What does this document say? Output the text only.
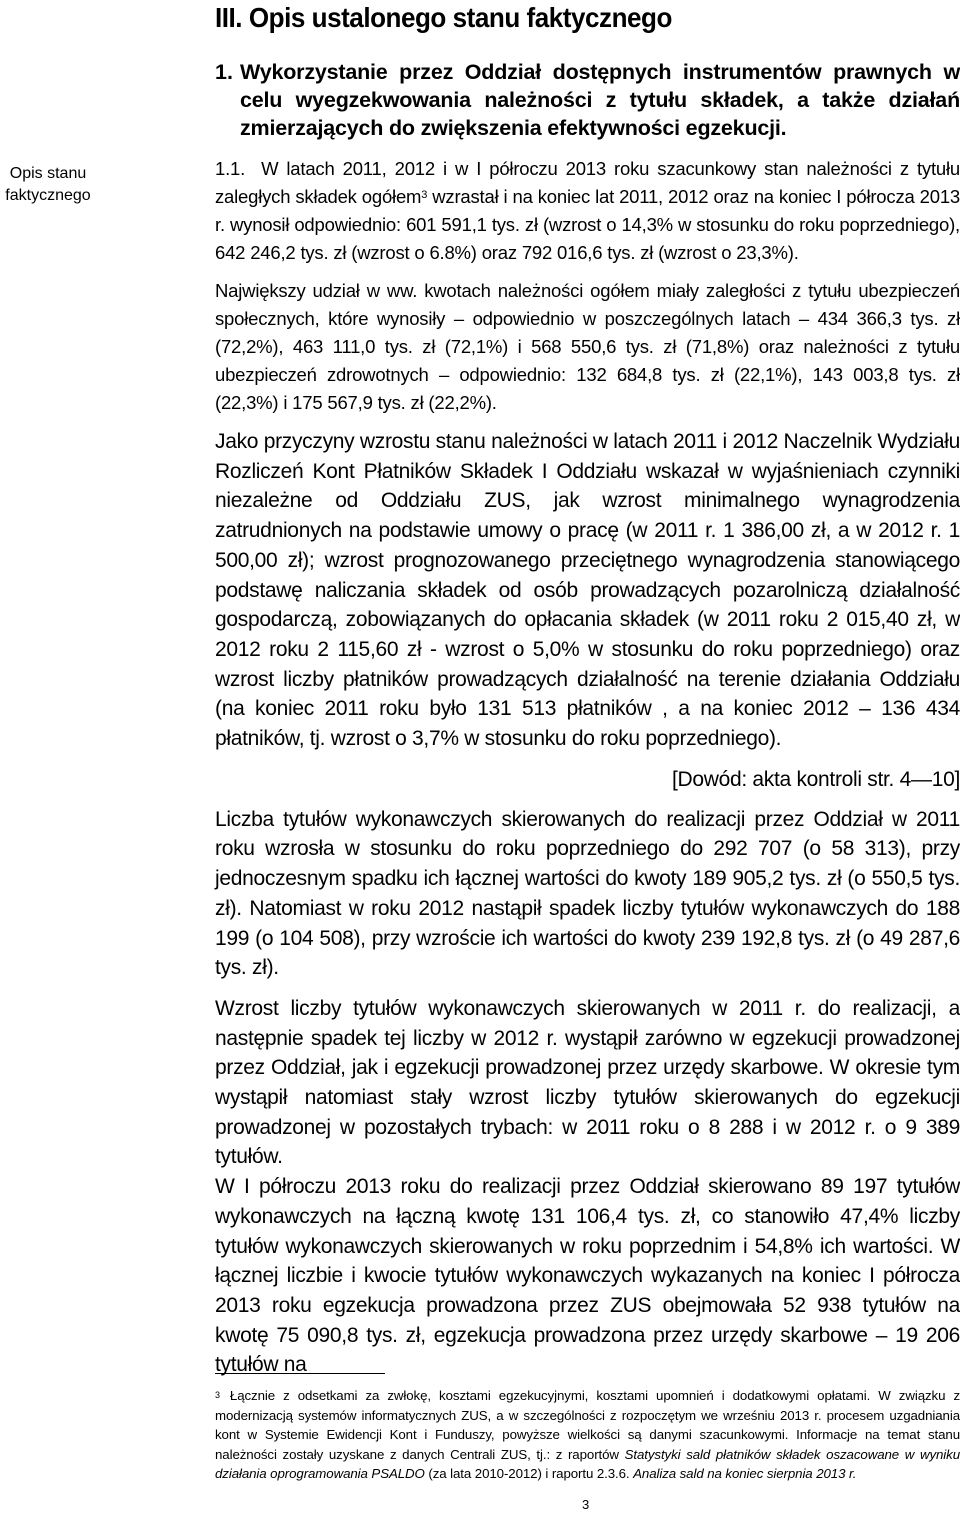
III. Opis ustalonego stanu faktycznego
1. Wykorzystanie przez Oddział dostępnych instrumentów prawnych w celu wyegzekwowania należności z tytułu składek, a także działań zmierzających do zwiększenia efektywności egzekucji.
Opis stanu faktycznego

1.1. W latach 2011, 2012 i w I półroczu 2013 roku szacunkowy stan należności z tytułu zaległych składek ogółem$^3$ wzrastał i na koniec lat 2011, 2012 oraz na koniec I półrocza 2013 r. wynosił odpowiednio: 601 591,1 tys. zł (wzrost o 14,3% w stosunku do roku poprzedniego), 642 246,2 tys. zł (wzrost o 6.8%) oraz 792 016,6 tys. zł (wzrost o 23,3%).

Największy udział w ww. kwotach należności ogółem miały zaległości z tytułu ubezpieczeń społecznych, które wynosiły – odpowiednio w poszczególnych latach – 434 366,3 tys. zł (72,2%), 463 111,0 tys. zł (72,1%) i 568 550,6 tys. zł (71,8%) oraz należności z tytułu ubezpieczeń zdrowotnych – odpowiednio: 132 684,8 tys. zł (22,1%), 143 003,8 tys. zł (22,3%) i 175 567,9 tys. zł (22,2%).

Jako przyczyny wzrostu stanu należności w latach 2011 i 2012 Naczelnik Wydziału Rozliczeń Kont Płatników Składek I Oddziału wskazał w wyjaśnieniach czynniki niezależne od Oddziału ZUS, jak wzrost minimalnego wynagrodzenia zatrudnionych na podstawie umowy o pracę (w 2011 r. 1 386,00 zł, a w 2012 r. 1 500,00 zł); wzrost prognozowanego przeciętnego wynagrodzenia stanowiącego podstawę naliczania składek od osób prowadzących pozarolniczą działalność gospodarczą, zobowiązanych do opłacania składek (w 2011 roku 2 015,40 zł, w 2012 roku 2 115,60 zł - wzrost o 5,0% w stosunku do roku poprzedniego) oraz wzrost liczby płatników prowadzących działalność na terenie działania Oddziału (na koniec 2011 roku było 131 513 płatników , a na koniec 2012 – 136 434 płatników, tj. wzrost o 3,7% w stosunku do roku poprzedniego).

[Dowód: akta kontroli str. 4—10]

Liczba tytułów wykonawczych skierowanych do realizacji przez Oddział w 2011 roku wzrosła w stosunku do roku poprzedniego do 292 707 (o 58 313), przy jednoczesnym spadku ich łącznej wartości do kwoty 189 905,2 tys. zł (o 550,5 tys. zł). Natomiast w roku 2012 nastąpił spadek liczby tytułów wykonawczych do 188 199 (o 104 508), przy wzroście ich wartości do kwoty 239 192,8 tys. zł (o 49 287,6 tys. zł).

Wzrost liczby tytułów wykonawczych skierowanych w 2011 r. do realizacji, a następnie spadek tej liczby w 2012 r. wystąpił zarówno w egzekucji prowadzonej przez Oddział, jak i egzekucji prowadzonej przez urzędy skarbowe. W okresie tym wystąpił natomiast stały wzrost liczby tytułów skierowanych do egzekucji prowadzonej w pozostałych trybach: w 2011 roku o 8 288 i w 2012 r. o 9 389 tytułów.

W I półroczu 2013 roku do realizacji przez Oddział skierowano 89 197 tytułów wykonawczych na łączną kwotę 131 106,4 tys. zł, co stanowiło 47,4% liczby tytułów wykonawczych skierowanych w roku poprzednim i 54,8% ich wartości. W łącznej liczbie i kwocie tytułów wykonawczych wykazanych na koniec I półrocza 2013 roku egzekucja prowadzona przez ZUS obejmowała 52 938 tytułów na kwotę 75 090,8 tys. zł, egzekucja prowadzona przez urzędy skarbowe – 19 206 tytułów na

$^3$ Łącznie z odsetkami za zwłokę, kosztami egzekucyjnymi, kosztami upomnień i dodatkowymi opłatami. W związku z modernizacją systemów informatycznych ZUS, a w szczególności z rozpoczętym we wrześniu 2013 r. procesem uzgadniania kont w Systemie Ewidencji Kont i Funduszy, powyższe wielkości są danymi szacunkowymi. Informacje na temat stanu należności zostały uzyskane z danych Centrali ZUS, tj.: z raportów Statystyki sald płatników składek oszacowane w wyniku działania oprogramowania PSALDO (za lata 2010-2012) i raportu 2.3.6. Analiza sald na koniec sierpnia 2013 r.
3
